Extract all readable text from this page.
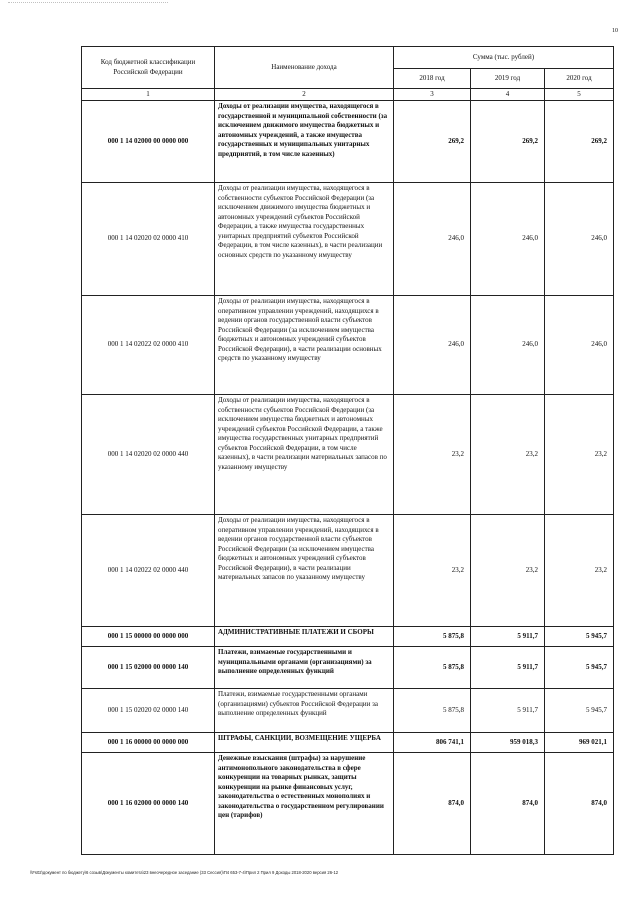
10
Код бюджетной классификации Российской Федерации	Наименование дохода	Сумма (тыс. рублей)		
		2018 год	2019 год	2020 год
1	2	3	4	5
000 1 14 02000 00 0000 000	Доходы от реализации имущества, находящегося в государственной и муниципальной собственности (за исключением движимого имущества бюджетных и автономных учреждений, а также имущества государственных и муниципальных унитарных предприятий, в том числе казенных)	269,2	269,2	269,2
000 1 14 02020 02 0000 410	Доходы от реализации имущества, находящегося в собственности субъектов Российской Федерации (за исключением движимого имущества бюджетных и автономных учреждений субъектов Российской Федерации, а также имущества государственных унитарных предприятий субъектов Российской Федерации, в том числе казенных), в части реализации основных средств по указанному имуществу	246,0	246,0	246,0
000 1 14 02022 02 0000 410	Доходы от реализации имущества, находящегося в оперативном управлении учреждений, находящихся в ведении органов государственной власти субъектов Российской Федерации (за исключением имущества бюджетных и автономных учреждений субъектов Российской Федерации), в части реализации основных средств по указанному имуществу	246,0	246,0	246,0
000 1 14 02020 02 0000 440	Доходы от реализации имущества, находящегося в собственности субъектов Российской Федерации (за исключением имущества бюджетных и автономных учреждений субъектов Российской Федерации, а также имущества государственных унитарных предприятий субъектов Российской Федерации, в том числе казенных), в части реализации материальных запасов по указанному имуществу	23,2	23,2	23,2
000 1 14 02022 02 0000 440	Доходы от реализации имущества, находящегося в оперативном управлении учреждений, находящихся в ведении органов государственной власти субъектов Российской Федерации (за исключением имущества бюджетных и автономных учреждений субъектов Российской Федерации), в части реализации материальных запасов по указанному имуществу	23,2	23,2	23,2
000 1 15 00000 00 0000 000	АДМИНИСТРАТИВНЫЕ ПЛАТЕЖИ И СБОРЫ	5 875,8	5 911,7	5 945,7
000 1 15 02000 00 0000 140	Платежи, взимаемые государственными и муниципальными органами (организациями) за выполнение определенных функций	5 875,8	5 911,7	5 945,7
000 1 15 02020 02 0000 140	Платежи, взимаемые государственными органами (организациями) субъектов Российской Федерации за выполнение определенных функций	5 875,8	5 911,7	5 945,7
000 1 16 00000 00 0000 000	ШТРАФЫ, САНКЦИИ, ВОЗМЕЩЕНИЕ УЩЕРБА	806 741,1	959 018,3	969 021,1
000 1 16 02000 00 0000 140	Денежные взыскания (штрафы) за нарушение антимонопольного законодательства в сфере конкуренции на товарных рынках, защиты конкуренции на рынке финансовых услуг, законодательства о естественных монополиях и законодательства о государственном регулировании цен (тарифов)	874,0	874,0	874,0
\\Fs02\документ по бюджету\6 созыв\Документы комитета\23 внеочередное заседание (33 Сессия)\П4 653-7-4\Прил 2 Прил 9 Доходы 2018-2020 версия 26-12
